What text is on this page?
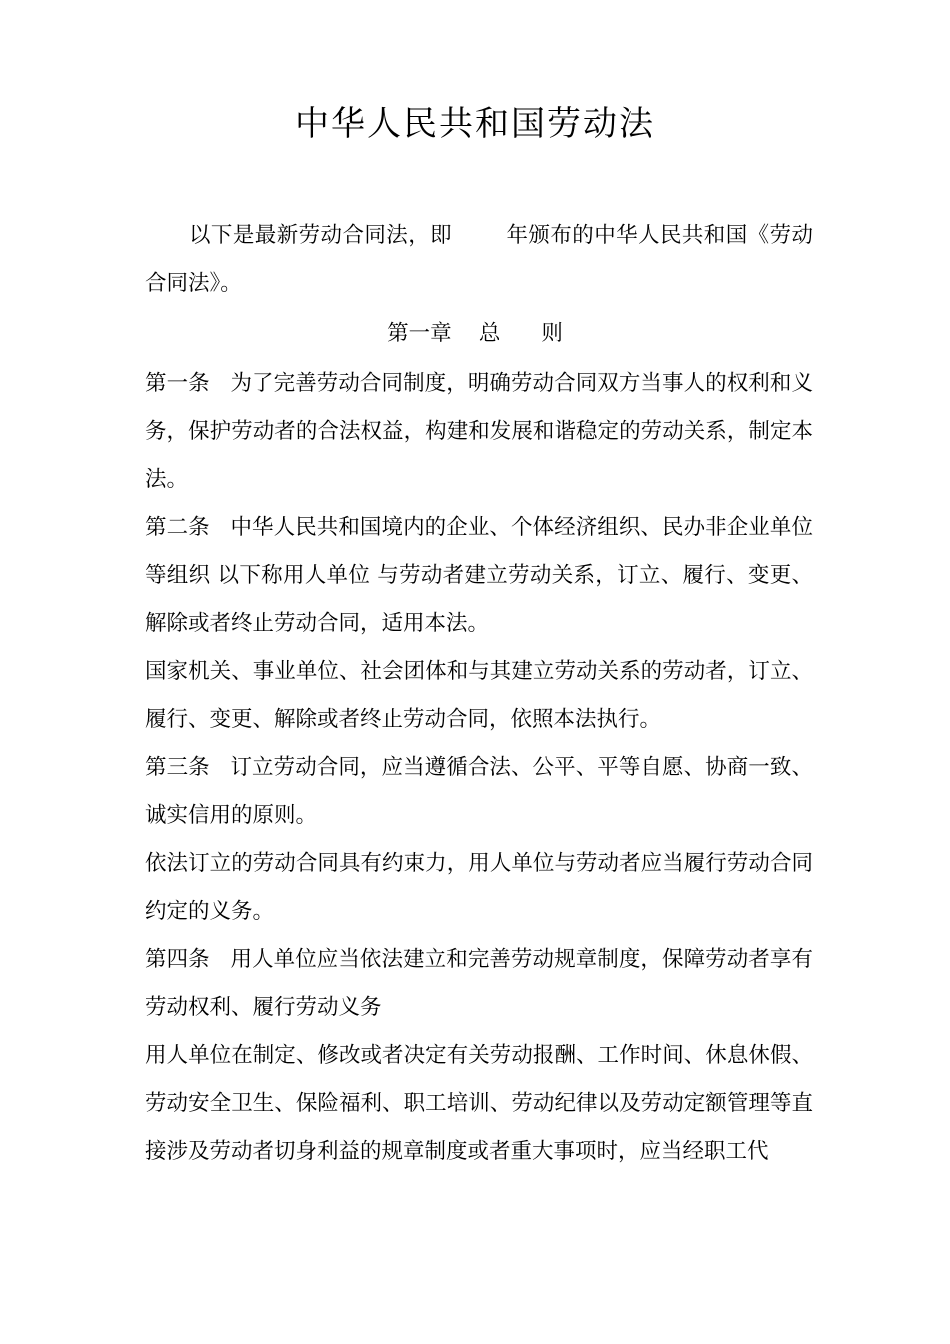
中华人民共和国劳动法
以下是最新劳动合同法，即	年颁布的中华人民共和国《劳动合同法》。
第一章    总      则

第一条 为了完善劳动合同制度，明确劳动合同双方当事人的权利和义务，保护劳动者的合法权益，构建和发展和谐稳定的劳动关系，制定本法。

第二条 中华人民共和国境内的企业、个体经济组织、民办非企业单位等组织 以下称用人单位 与劳动者建立劳动关系，订立、履行、变更、解除或者终止劳动合同，适用本法。

国家机关、事业单位、社会团体和与其建立劳动关系的劳动者，订立、履行、变更、解除或者终止劳动合同，依照本法执行。

第三条 订立劳动合同，应当遵循合法、公平、平等自愿、协商一致、诚实信用的原则。

依法订立的劳动合同具有约束力，用人单位与劳动者应当履行劳动合同约定的义务。

第四条 用人单位应当依法建立和完善劳动规章制度，保障劳动者享有劳动权利、履行劳动义务

用人单位在制定、修改或者决定有关劳动报酬、工作时间、休息休假、劳动安全卫生、保险福利、职工培训、劳动纪律以及劳动定额管理等直接涉及劳动者切身利益的规章制度或者重大事项时，应当经职工代
